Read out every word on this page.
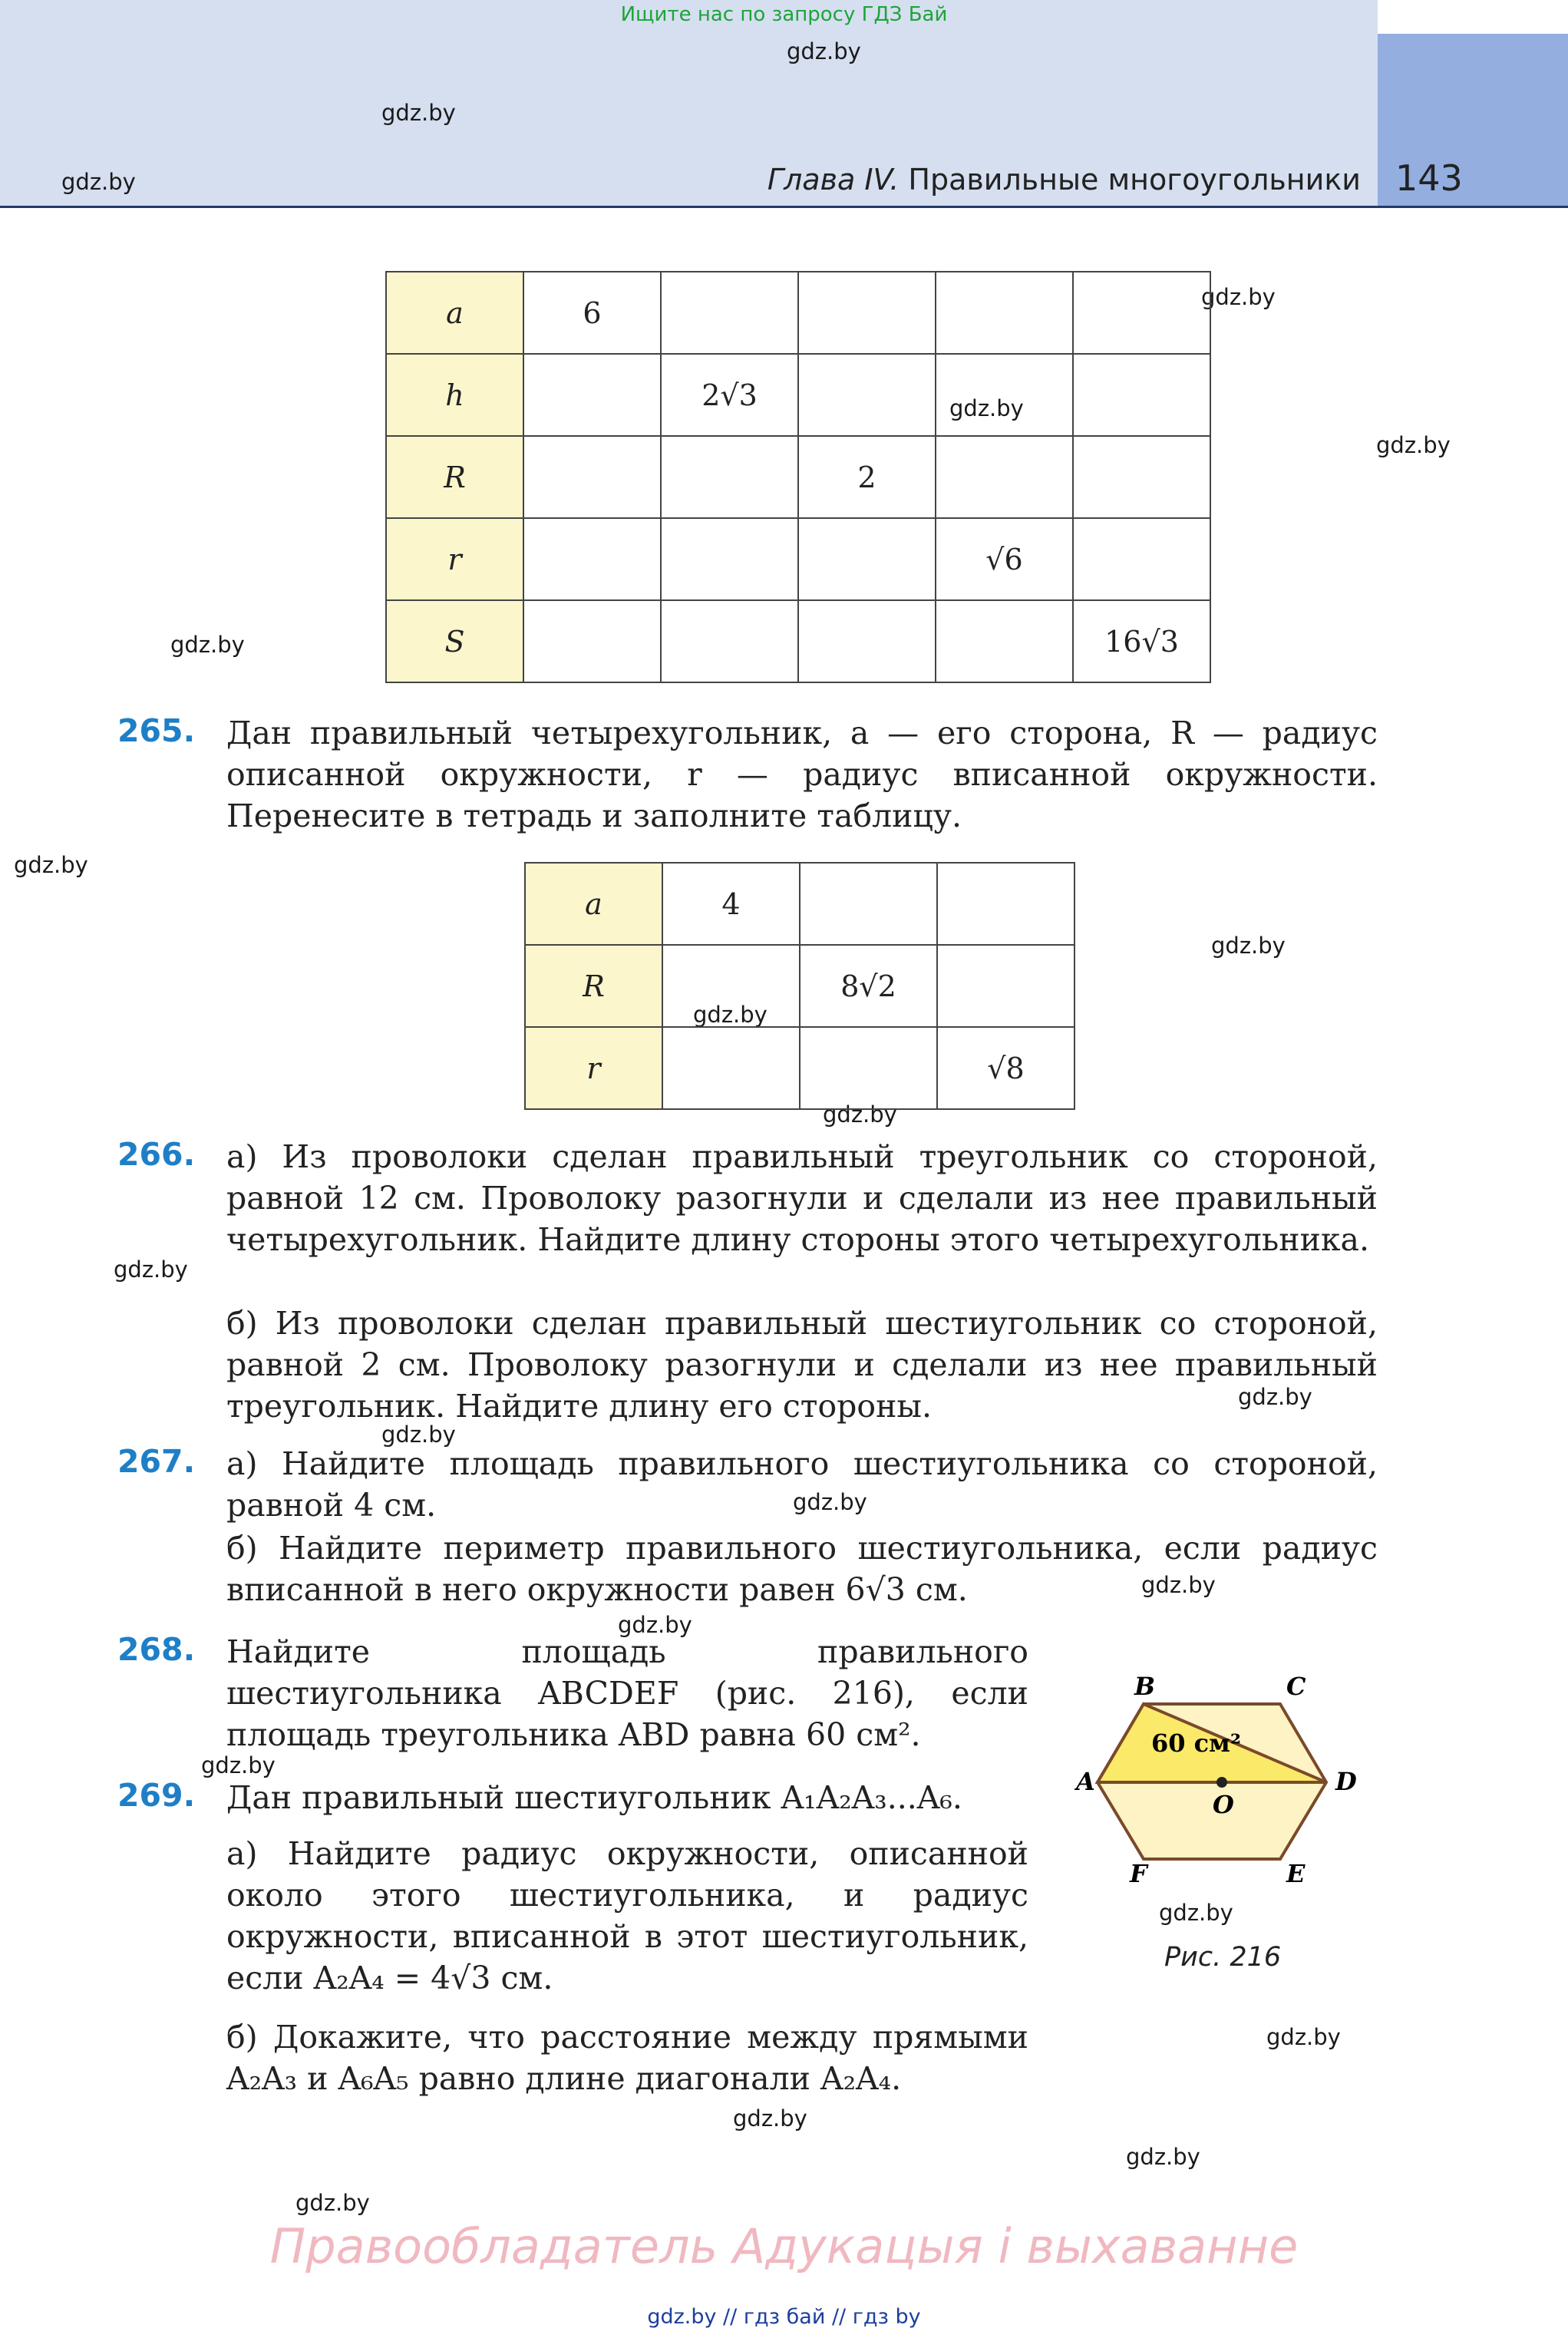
Ищите нас по запросу ГДЗ Бай
Глава IV. Правильные многоугольники 143
gdz.by
gdz.by
gdz.by
gdz.by
gdz.by
gdz.by
gdz.by
gdz.by
gdz.by
gdz.by
gdz.by
gdz.by
gdz.by
gdz.by
gdz.by
gdz.by
gdz.by
gdz.by
gdz.by
gdz.by
gdz.by
gdz.by
gdz.by
a	6				
h		2√3			
R			2		
r				√6	
S					16√3
265. Дан правильный четырехугольник, a — его сторона, R — радиус описанной окружности, r — радиус вписанной окружности. Перенесите в тетрадь и заполните таблицу.
a	4		
R		8√2	
r			√8
266. а) Из проволоки сделан правильный треугольник со стороной, равной 12 см. Проволоку разогнули и сделали из нее правильный четырехугольник. Найдите длину стороны этого четырехугольника.
б) Из проволоки сделан правильный шестиугольник со стороной, равной 2 см. Проволоку разогнули и сделали из нее правильный треугольник. Найдите длину его стороны.
267. а) Найдите площадь правильного шестиугольника со стороной, равной 4 см.
б) Найдите периметр правильного шестиугольника, если радиус вписанной в него окружности равен 6√3 см.
268. Найдите площадь правильного шестиугольника ABCDEF (рис. 216), если площадь треугольника ABD равна 60 см².
269. Дан правильный шестиугольник A₁A₂A₃...A₆.
а) Найдите радиус окружности, описанной около этого шестиугольника, и радиус окружности, вписанной в этот шестиугольник, если A₂A₄ = 4√3 см.
б) Докажите, что расстояние между прямыми A₂A₃ и A₆A₅ равно длине диагонали A₂A₄.
A
B	C
D
E
F
O
60 см²
Рис. 216
Правообладатель Адукацыя і выхаванне
gdz.by // гдз бай // гдз by
